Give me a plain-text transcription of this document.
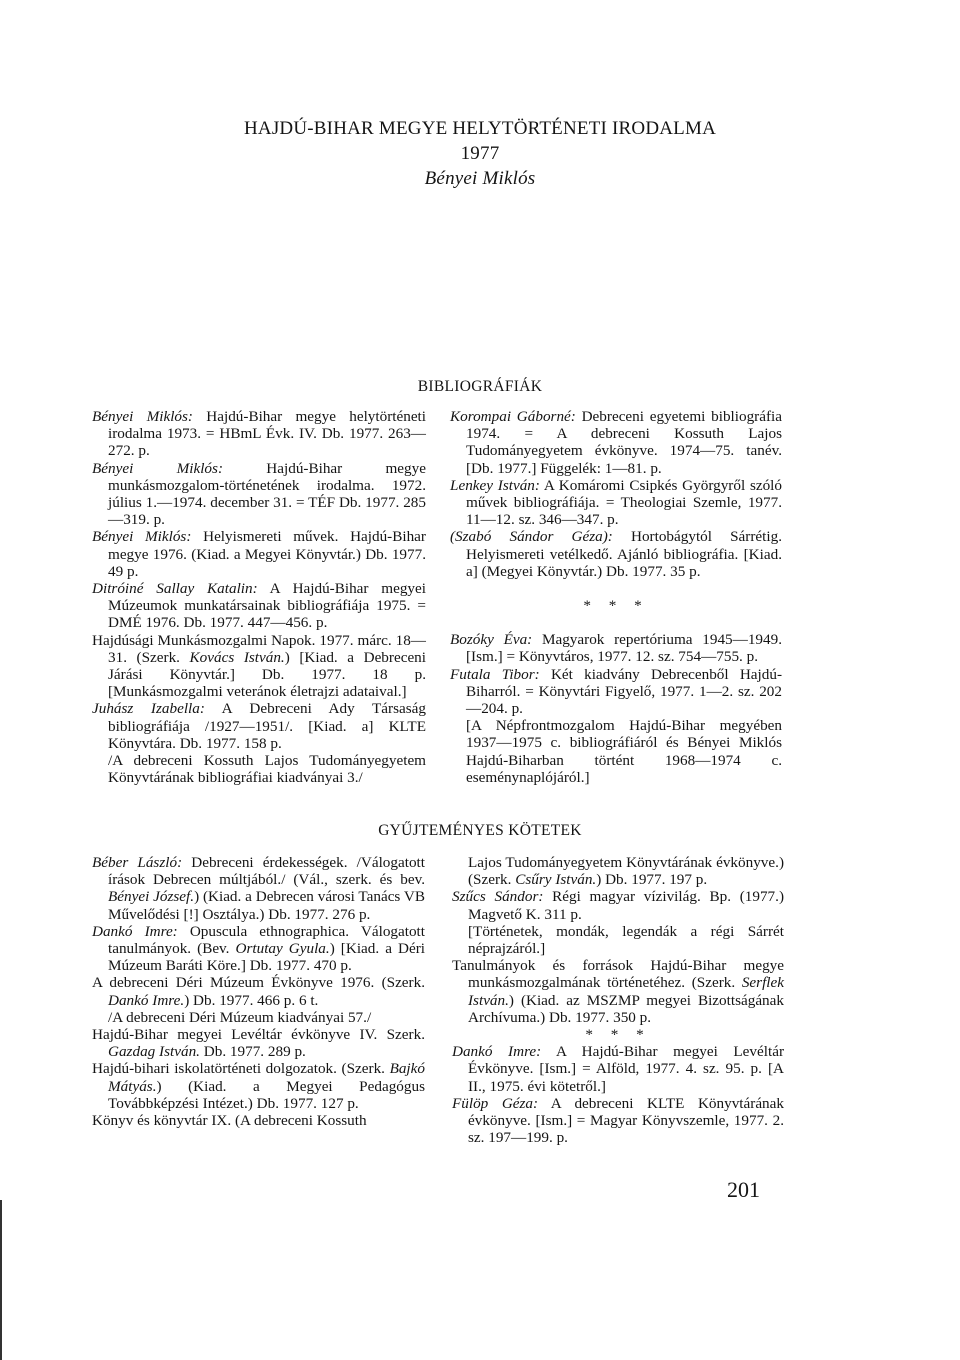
HAJDÚ-BIHAR MEGYE HELYTÖRTÉNETI IRODALMA
1977
Bényei Miklós
BIBLIOGRÁFIÁK

Bényei Miklós: Hajdú-Bihar megye helytörténeti irodalma 1973. = HBmL Évk. IV. Db. 1977. 263—272. p.

Bényei Miklós: Hajdú-Bihar megye munkásmozgalom-történetének irodalma. 1972. július 1.—1974. december 31. = TÉF Db. 1977. 285—319. p.

Bényei Miklós: Helyismereti művek. Hajdú-Bihar megye 1976. (Kiad. a Megyei Könyvtár.) Db. 1977. 49 p.

Ditróiné Sallay Katalin: A Hajdú-Bihar megyei Múzeumok munkatársainak bibliográfiája 1975. = DMÉ 1976. Db. 1977. 447—456. p.

Hajdúsági Munkásmozgalmi Napok. 1977. márc. 18—31. (Szerk. Kovács István.) [Kiad. a Debreceni Járási Könyvtár.] Db. 1977. 18 p. [Munkásmozgalmi veteránok életrajzi adataival.]

Juhász Izabella: A Debreceni Ady Társaság bibliográfiája /1927—1951/. [Kiad. a] KLTE Könyvtára. Db. 1977. 158 p.

/A debreceni Kossuth Lajos Tudományegyetem Könyvtárának bibliográfiai kiadványai 3./

Korompai Gáborné: Debreceni egyetemi bibliográfia 1974. = A debreceni Kossuth Lajos Tudományegyetem évkönyve. 1974—75. tanév. [Db. 1977.] Függelék: 1—81. p.

Lenkey István: A Komáromi Csipkés Györgyről szóló művek bibliográfiája. = Theologiai Szemle, 1977. 11—12. sz. 346—347. p.

(Szabó Sándor Géza): Hortobágytól Sárrétig. Helyismereti vetélkedő. Ajánló bibliográfia. [Kiad. a] (Megyei Könyvtár.) Db. 1977. 35 p.

* * *

Bozóky Éva: Magyarok repertóriuma 1945—1949. [Ism.] = Könyvtáros, 1977. 12. sz. 754—755. p.

Futala Tibor: Két kiadvány Debrecenből Hajdú-Biharról. = Könyvtári Figyelő, 1977. 1—2. sz. 202—204. p.

[A Népfrontmozgalom Hajdú-Bihar megyében 1937—1975 c. bibliográfiáról és Bényei Miklós Hajdú-Biharban történt 1968—1974 c. eseménynaplójáról.]

GYŰJTEMÉNYES KÖTETEK

Béber László: Debreceni érdekességek. /Válogatott írások Debrecen múltjából./ (Vál., szerk. és bev. Bényei József.) (Kiad. a Debrecen városi Tanács VB Művelődési [!] Osztálya.) Db. 1977. 276 p.

Dankó Imre: Opuscula ethnographica. Válogatott tanulmányok. (Bev. Ortutay Gyula.) [Kiad. a Déri Múzeum Baráti Köre.] Db. 1977. 470 p.

A debreceni Déri Múzeum Évkönyve 1976. (Szerk. Dankó Imre.) Db. 1977. 466 p. 6 t.

/A debreceni Déri Múzeum kiadványai 57./

Hajdú-Bihar megyei Levéltár évkönyve IV. Szerk. Gazdag István. Db. 1977. 289 p.

Hajdú-bihari iskolatörténeti dolgozatok. (Szerk. Bajkó Mátyás.) (Kiad. a Megyei Pedagógus Továbbképzési Intézet.) Db. 1977. 127 p.

Könyv és könyvtár IX. (A debreceni Kossuth

Lajos Tudományegyetem Könyvtárának évkönyve.) (Szerk. Csűry István.) Db. 1977. 197 p.

Szűcs Sándor: Régi magyar vízivilág. Bp. (1977.) Magvető K. 311 p.

[Történetek, mondák, legendák a régi Sárrét néprajzáról.]

Tanulmányok és források Hajdú-Bihar megye munkásmozgalmának történetéhez. (Szerk. Serflek István.) (Kiad. az MSZMP megyei Bizottságának Archívuma.) Db. 1977. 350 p.

* * *

Dankó Imre: A Hajdú-Bihar megyei Levéltár Évkönyve. [Ism.] = Alföld, 1977. 4. sz. 95. p. [A II., 1975. évi kötetről.]

Fülöp Géza: A debreceni KLTE Könyvtárának évkönyve. [Ism.] = Magyar Könyvszemle, 1977. 2. sz. 197—199. p.

201
